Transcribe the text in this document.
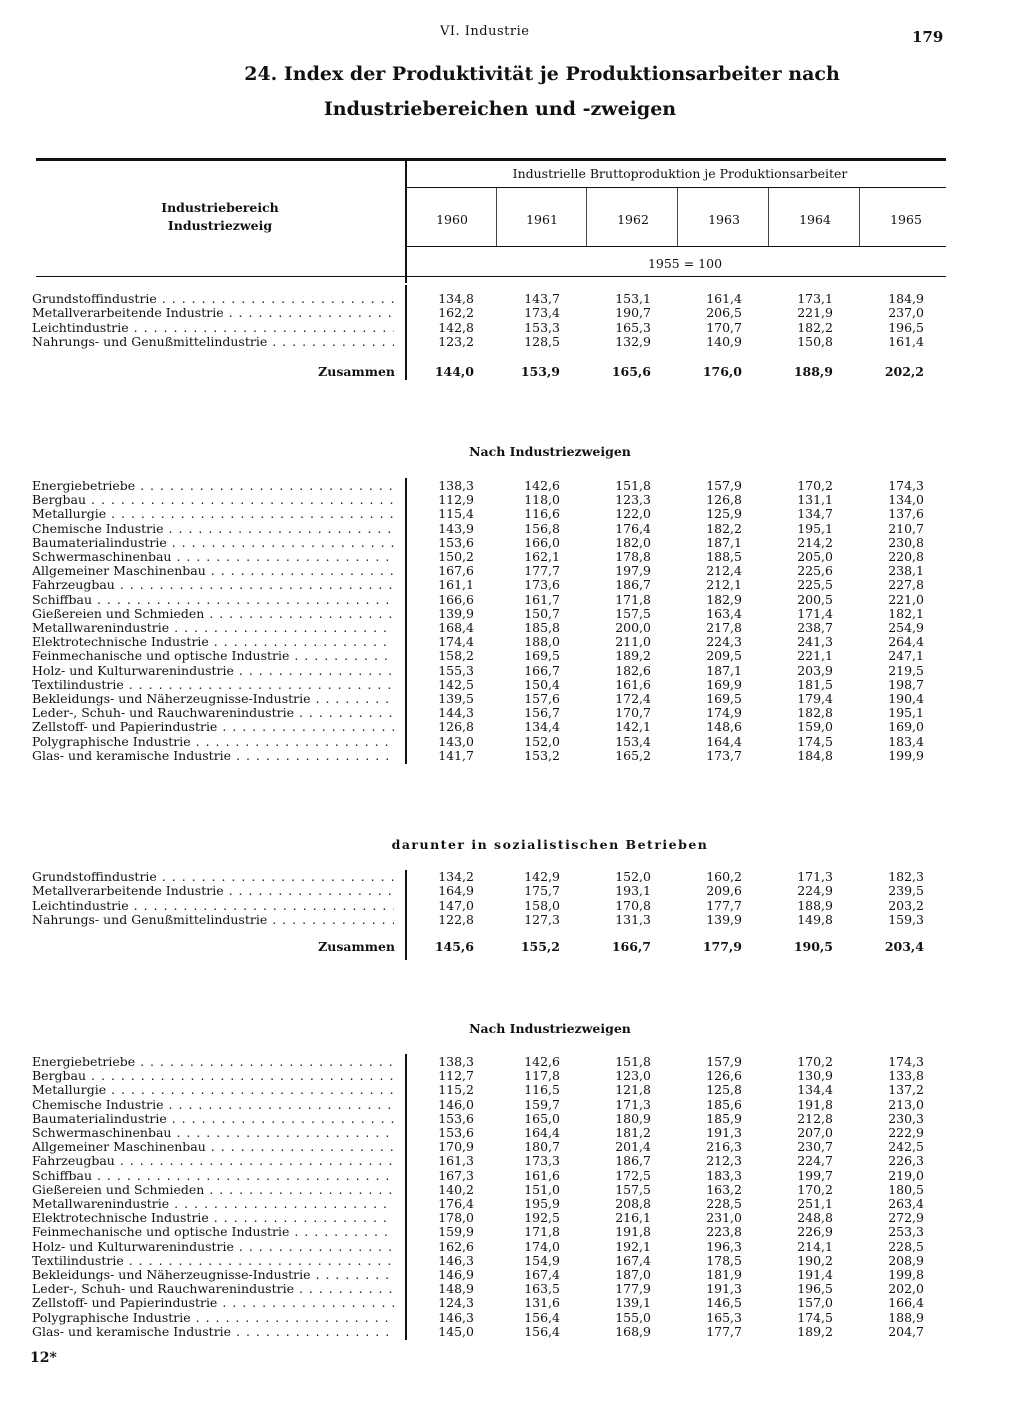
VI. Industrie	179
24. Index der Produktivität je Produktionsarbeiter nach
Industriebereichen und -zweigen
Industriebereich
Industriezweig
Industrielle Bruttoproduktion je Produktionsarbeiter
1960	1961	1962	1963	1964	1965
1955 = 100
Nach Industriezweigen
darunter in sozialistischen Betrieben
Nach Industriezweigen
Grundstoffindustrie . . .	134,8	143,7	153,1	161,4	173,1	184,9
Metallverarbeitende Industrie . . .	162,2	173,4	190,7	206,5	221,9	237,0
Leichtindustrie . . .	142,8	153,3	165,3	170,7	182,2	196,5
Nahrungs- und Genußmittelindustrie . . .	123,2	128,5	132,9	140,9	150,8	161,4
Zusammen	144,0	153,9	165,6	176,0	188,9	202,2
Energiebetriebe . . .	138,3	142,6	151,8	157,9	170,2	174,3
Bergbau . . .	112,9	118,0	123,3	126,8	131,1	134,0
Metallurgie . . .	115,4	116,6	122,0	125,9	134,7	137,6
Chemische Industrie . . .	143,9	156,8	176,4	182,2	195,1	210,7
Baumaterialindustrie . . .	153,6	166,0	182,0	187,1	214,2	230,8
Schwermaschinenbau . . .	150,2	162,1	178,8	188,5	205,0	220,8
Allgemeiner Maschinenbau . . .	167,6	177,7	197,9	212,4	225,6	238,1
Fahrzeugbau . . .	161,1	173,6	186,7	212,1	225,5	227,8
Schiffbau . . .	166,6	161,7	171,8	182,9	200,5	221,0
Gießereien und Schmieden . . .	139,9	150,7	157,5	163,4	171,4	182,1
Metallwarenindustrie . . .	168,4	185,8	200,0	217,8	238,7	254,9
Elektrotechnische Industrie . . .	174,4	188,0	211,0	224,3	241,3	264,4
Feinmechanische und optische Industrie . . .	158,2	169,5	189,2	209,5	221,1	247,1
Holz- und Kulturwarenindustrie . . .	155,3	166,7	182,6	187,1	203,9	219,5
Textilindustrie . . .	142,5	150,4	161,6	169,9	181,5	198,7
Bekleidungs- und Näherzeugnisse-Industrie . . .	139,5	157,6	172,4	169,5	179,4	190,4
Leder-, Schuh- und Rauchwarenindustrie . . .	144,3	156,7	170,7	174,9	182,8	195,1
Zellstoff- und Papierindustrie . . .	126,8	134,4	142,1	148,6	159,0	169,0
Polygraphische Industrie . . .	143,0	152,0	153,4	164,4	174,5	183,4
Glas- und keramische Industrie . . .	141,7	153,2	165,2	173,7	184,8	199,9
Grundstoffindustrie . . .	134,2	142,9	152,0	160,2	171,3	182,3
Metallverarbeitende Industrie . . .	164,9	175,7	193,1	209,6	224,9	239,5
Leichtindustrie . . .	147,0	158,0	170,8	177,7	188,9	203,2
Nahrungs- und Genußmittelindustrie . . .	122,8	127,3	131,3	139,9	149,8	159,3
Zusammen	145,6	155,2	166,7	177,9	190,5	203,4
Energiebetriebe . . .	138,3	142,6	151,8	157,9	170,2	174,3
Bergbau . . .	112,7	117,8	123,0	126,6	130,9	133,8
Metallurgie . . .	115,2	116,5	121,8	125,8	134,4	137,2
Chemische Industrie . . .	146,0	159,7	171,3	185,6	191,8	213,0
Baumaterialindustrie . . .	153,6	165,0	180,9	185,9	212,8	230,3
Schwermaschinenbau . . .	153,6	164,4	181,2	191,3	207,0	222,9
Allgemeiner Maschinenbau . . .	170,9	180,7	201,4	216,3	230,7	242,5
Fahrzeugbau . . .	161,3	173,3	186,7	212,3	224,7	226,3
Schiffbau . . .	167,3	161,6	172,5	183,3	199,7	219,0
Gießereien und Schmieden . . .	140,2	151,0	157,5	163,2	170,2	180,5
Metallwarenindustrie . . .	176,4	195,9	208,8	228,5	251,1	263,4
Elektrotechnische Industrie . . .	178,0	192,5	216,1	231,0	248,8	272,9
Feinmechanische und optische Industrie . . .	159,9	171,8	191,8	223,8	226,9	253,3
Holz- und Kulturwarenindustrie . . .	162,6	174,0	192,1	196,3	214,1	228,5
Textilindustrie . . .	146,3	154,9	167,4	178,5	190,2	208,9
Bekleidungs- und Näherzeugnisse-Industrie . . .	146,9	167,4	187,0	181,9	191,4	199,8
Leder-, Schuh- und Rauchwarenindustrie . . .	148,9	163,5	177,9	191,3	196,5	202,0
Zellstoff- und Papierindustrie . . .	124,3	131,6	139,1	146,5	157,0	166,4
Polygraphische Industrie . . .	146,3	156,4	155,0	165,3	174,5	188,9
Glas- und keramische Industrie . . .	145,0	156,4	168,9	177,7	189,2	204,7
12*
